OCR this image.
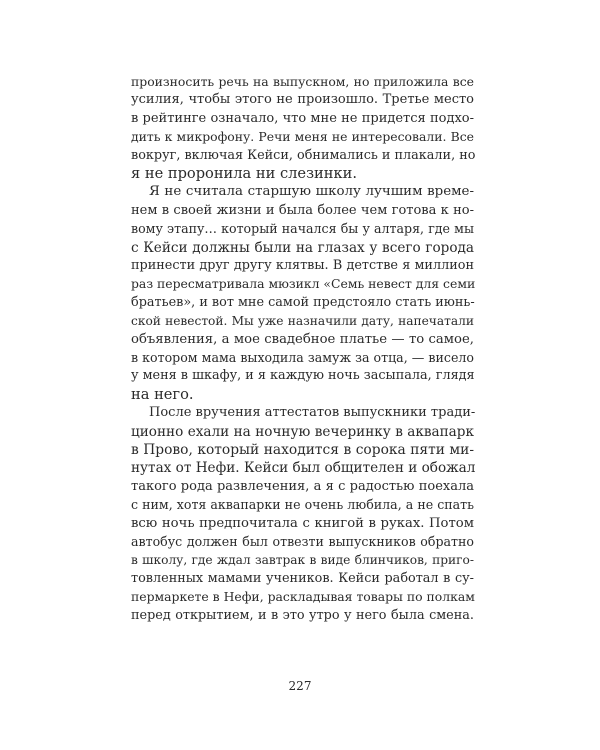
произносить речь на выпускном, но приложила все
усилия, чтобы этого не произошло. Третье место
в рейтинге означало, что мне не придется подхо-
дить к микрофону. Речи меня не интересовали. Все
вокруг, включая Кейси, обнимались и плакали, но
я не проронила ни слезинки.
Я не считала старшую школу лучшим време-
нем в своей жизни и была более чем готова к но-
вому этапу… который начался бы у алтаря, где мы
с Кейси должны были на глазах у всего города
принести друг другу клятвы. В детстве я миллион
раз пересматривала мюзикл «Семь невест для семи
братьев», и вот мне самой предстояло стать июнь-
ской невестой. Мы уже назначили дату, напечатали
объявления, а мое свадебное платье — то самое,
в котором мама выходила замуж за отца, — висело
у меня в шкафу, и я каждую ночь засыпала, глядя
на него.
После вручения аттестатов выпускники тради-
ционно ехали на ночную вечеринку в аквапарк
в Прово, который находится в сорока пяти ми-
нутах от Нефи. Кейси был общителен и обожал
такого рода развлечения, а я с радостью поехала
с ним, хотя аквапарки не очень любила, а не спать
всю ночь предпочитала с книгой в руках. Потом
автобус должен был отвезти выпускников обратно
в школу, где ждал завтрак в виде блинчиков, приго-
товленных мамами учеников. Кейси работал в су-
пермаркете в Нефи, раскладывая товары по полкам
перед открытием, и в это утро у него была смена.
227
